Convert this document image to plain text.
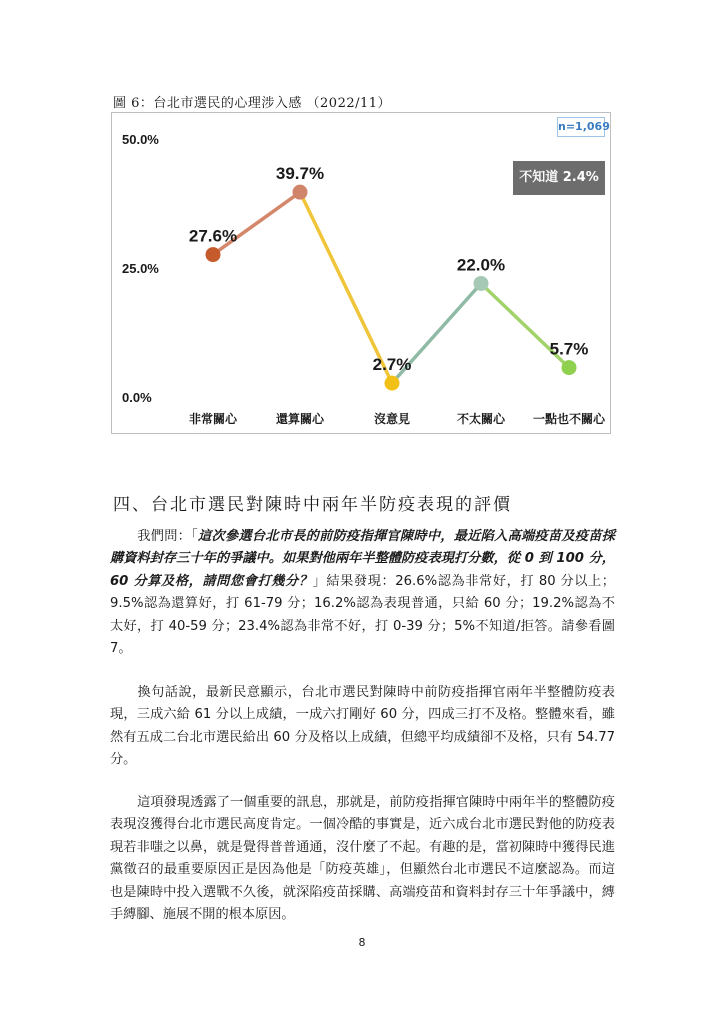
圖 6：台北市選民的心理涉入感 （2022/11）
0.0%
25.0%
50.0%
27.6%
39.7%
2.7%
22.0%
5.7%
非常關心	還算關心	沒意見	不太關心 一點也不關心
n=1,069
不知道 2.4%
四、台北市選民對陳時中兩年半防疫表現的評價

我們問：「這次參選台北市長的前防疫指揮官陳時中，最近陷入高端疫苗及疫苗採購資料封存三十年的爭議中。如果對他兩年半整體防疫表現打分數，從 0 到 100 分，60 分算及格，請問您會打幾分？」結果發現：26.6%認為非常好，打 80 分以上；9.5%認為還算好，打 61-79 分；16.2%認為表現普通，只給 60 分；19.2%認為不太好，打 40-59 分；23.4%認為非常不好，打 0-39 分；5%不知道/拒答。請參看圖 7。

換句話說，最新民意顯示，台北市選民對陳時中前防疫指揮官兩年半整體防疫表現，三成六給 61 分以上成績，一成六打剛好 60 分，四成三打不及格。整體來看，雖然有五成二台北市選民給出 60 分及格以上成績，但總平均成績卻不及格，只有 54.77 分。

這項發現透露了一個重要的訊息，那就是，前防疫指揮官陳時中兩年半的整體防疫表現沒獲得台北市選民高度肯定。一個冷酷的事實是，近六成台北市選民對他的防疫表現若非嗤之以鼻，就是覺得普普通通，沒什麼了不起。有趣的是，當初陳時中獲得民進黨徵召的最重要原因正是因為他是「防疫英雄」，但顯然台北市選民不這麼認為。而這也是陳時中投入選戰不久後，就深陷疫苗採購、高端疫苗和資料封存三十年爭議中，縛手縛腳、施展不開的根本原因。

8
